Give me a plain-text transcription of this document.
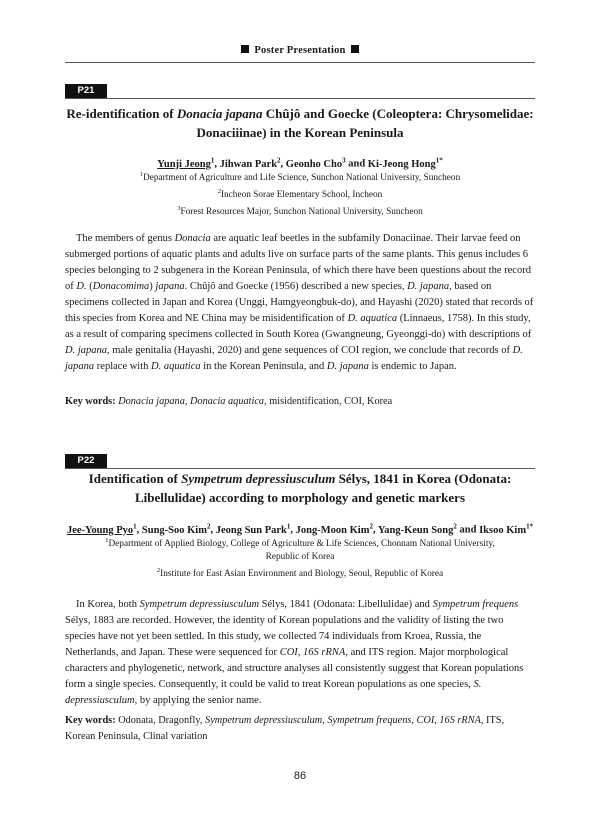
Poster Presentation
P21
Re-identification of Donacia japana Chûjô and Goecke (Coleoptera: Chrysomelidae:
Donaciiinae) in the Korean Peninsula
Yunji Jeong$^1$, Jihwan Park$^2$, Geonho Cho$^3$ and Ki-Jeong Hong$^{1*}$
$^1$Department of Agriculture and Life Science, Sunchon National University, Suncheon
$^2$Incheon Sorae Elementary School, Incheon
$^3$Forest Resources Major, Sunchon National University, Suncheon

The members of genus Donacia are aquatic leaf beetles in the subfamily Donaciinae. Their larvae feed on submerged portions of aquatic plants and adults live on surface parts of the same plants. This genus includes 6 species belonging to 2 subgenera in the Korean Peninsula, of which there have been questions about the record of D. (Donacomima) japana. Chûjô and Goecke (1956) described a new species, D. japana, based on specimens collected in Japan and Korea (Unggi, Hamgyeongbuk-do), and Hayashi (2020) stated that records of this species from Korea and NE China may be misidentification of D. aquatica (Linnaeus, 1758). In this study, as a result of comparing specimens collected in South Korea (Gwangneung, Gyeonggi-do) with descriptions of D. japana, male genitalia (Hayashi, 2020) and gene sequences of COI region, we conclude that records of D. japana replace with D. aquatica in the Korean Peninsula, and D. japana is endemic to Japan.

Key words: Donacia japana, Donacia aquatica, misidentification, COI, Korea

P22
Identification of Sympetrum depressiusculum Sélys, 1841 in Korea (Odonata:
Libellulidae) according to morphology and genetic markers
Jee-Young Pyo$^1$, Sung-Soo Kim$^2$, Jeong Sun Park$^1$, Jong-Moon Kim$^2$, Yang-Keun Song$^2$ and Iksoo Kim$^{1*}$
$^1$Department of Applied Biology, College of Agriculture & Life Sciences, Chonnam National University,
Republic of Korea
$^2$Institute for East Asian Environment and Biology, Seoul, Republic of Korea

In Korea, both Sympetrum depressiusculum Sélys, 1841 (Odonata: Libellulidae) and Sympetrum frequens Sélys, 1883 are recorded. However, the identity of Korean populations and the validity of listing the two species have not yet been settled. In this study, we collected 74 individuals from Kroea, Russia, the Netherlands, and Japan. These were sequenced for COI, 16S rRNA, and ITS region. Major morphological characters and phylogenetic, network, and structure analyses all consistently suggest that Korean populations form a single species. Consequently, it could be valid to treat Korean populations as one species, S. depressiusculum, by applying the senior name.

Key words: Odonata, Dragonfly, Sympetrum depressiusculum, Sympetrum frequens, COI, 16S rRNA, ITS, Korean Peninsula, Clinal variation

86
